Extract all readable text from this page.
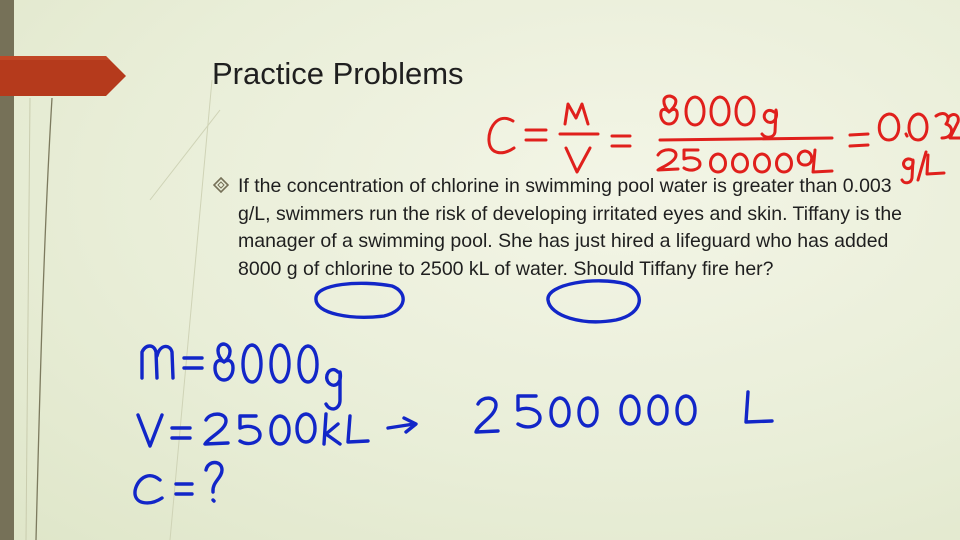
Practice Problems

If the concentration of chlorine in swimming pool water is greater than 0.003 g/L, swimmers run the risk of developing irritated eyes and skin. Tiffany is the manager of a swimming pool. She has just hired a lifeguard who has added 8000 g of chlorine to 2500 kL of water. Should Tiffany fire her?
